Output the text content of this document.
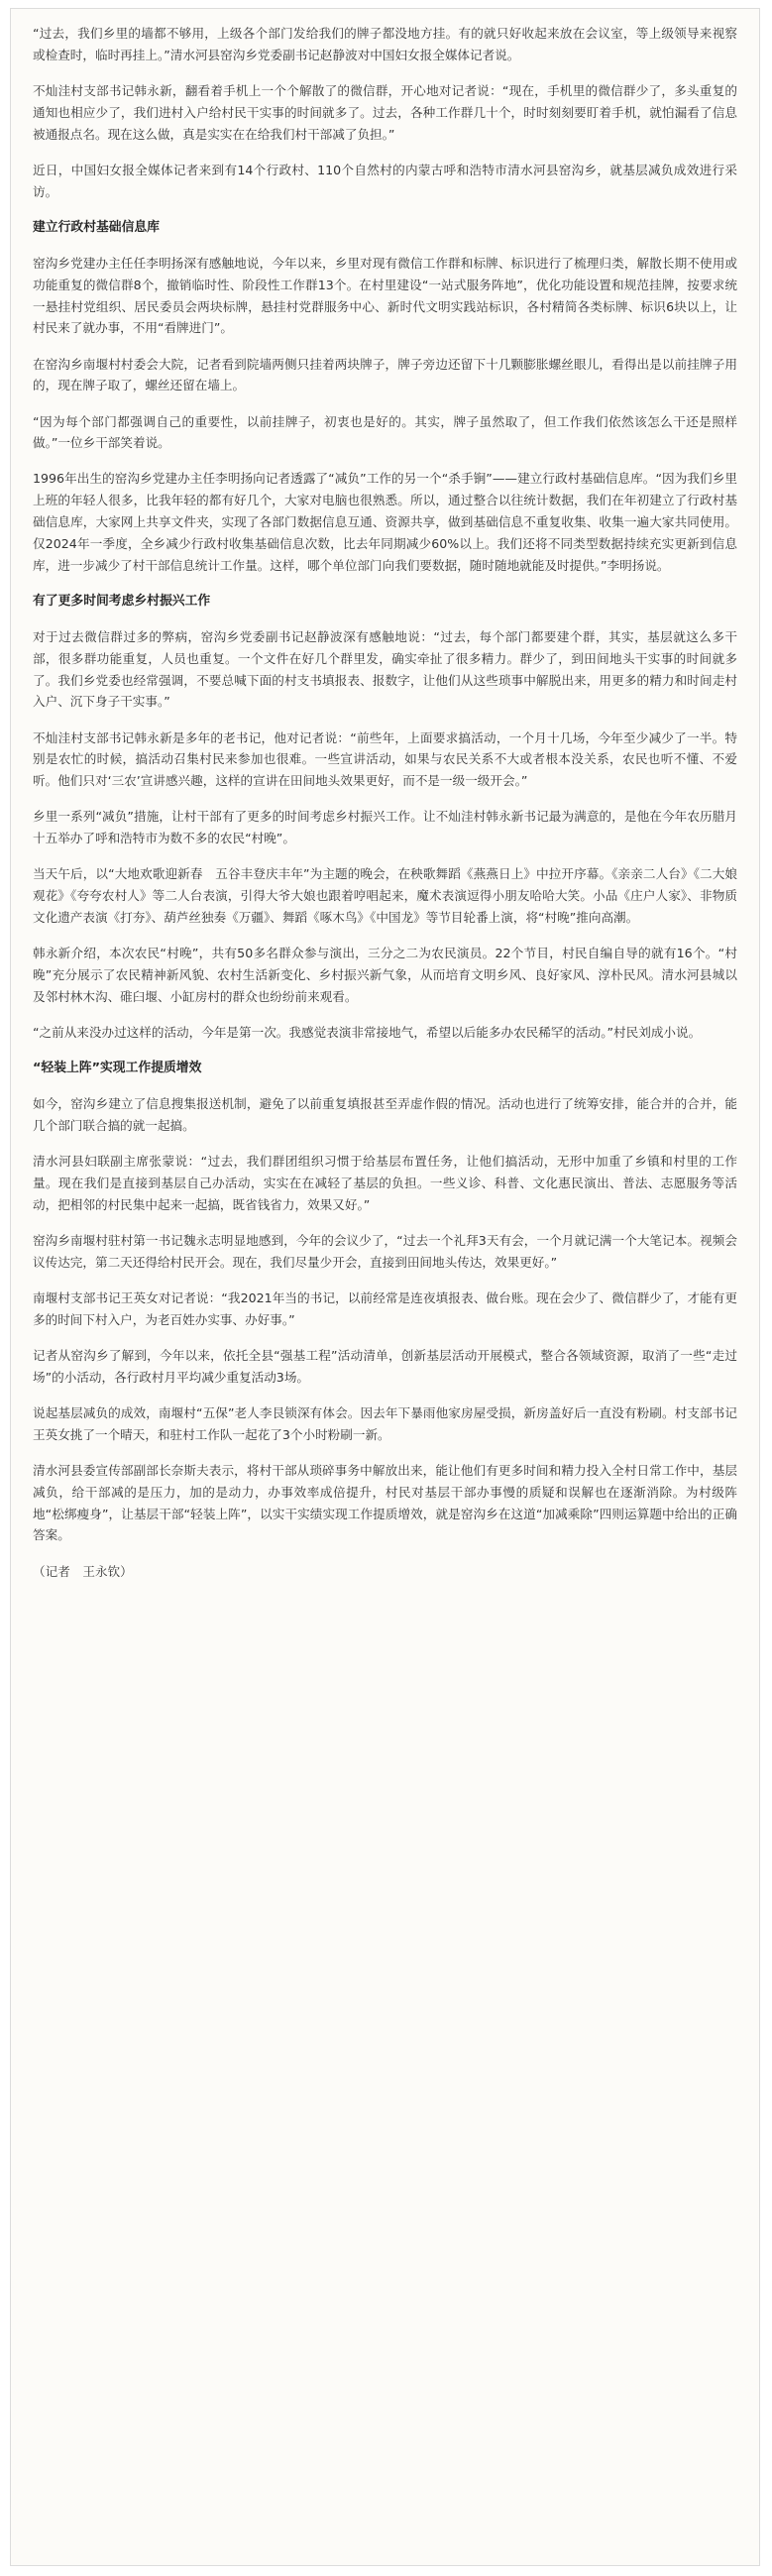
“过去，我们乡里的墙都不够用，上级各个部门发给我们的牌子都没地方挂。有的就只好收起来放在会议室，等上级领导来视察或检查时，临时再挂上。”清水河县窑沟乡党委副书记赵静波对中国妇女报全媒体记者说。

不灿洼村支部书记韩永新，翻看着手机上一个个解散了的微信群，开心地对记者说：“现在，手机里的微信群少了，多头重复的通知也相应少了，我们进村入户给村民干实事的时间就多了。过去，各种工作群几十个，时时刻刻要盯着手机，就怕漏看了信息被通报点名。现在这么做，真是实实在在给我们村干部减了负担。”

近日，中国妇女报全媒体记者来到有14个行政村、110个自然村的内蒙古呼和浩特市清水河县窑沟乡，就基层减负成效进行采访。

建立行政村基础信息库

窑沟乡党建办主任任李明扬深有感触地说，今年以来，乡里对现有微信工作群和标牌、标识进行了梳理归类，解散长期不使用或功能重复的微信群8个，撤销临时性、阶段性工作群13个。在村里建设“一站式服务阵地”，优化功能设置和规范挂牌，按要求统一悬挂村党组织、居民委员会两块标牌，悬挂村党群服务中心、新时代文明实践站标识，各村精简各类标牌、标识6块以上，让村民来了就办事，不用“看牌进门”。

在窑沟乡南堰村村委会大院，记者看到院墙两侧只挂着两块牌子，牌子旁边还留下十几颗膨胀螺丝眼儿，看得出是以前挂牌子用的，现在牌子取了，螺丝还留在墙上。

“因为每个部门都强调自己的重要性，以前挂牌子，初衷也是好的。其实，牌子虽然取了，但工作我们依然该怎么干还是照样做。”一位乡干部笑着说。

1996年出生的窑沟乡党建办主任李明扬向记者透露了“减负”工作的另一个“杀手锏”——建立行政村基础信息库。“因为我们乡里上班的年轻人很多，比我年轻的都有好几个，大家对电脑也很熟悉。所以，通过整合以往统计数据，我们在年初建立了行政村基础信息库，大家网上共享文件夹，实现了各部门数据信息互通、资源共享，做到基础信息不重复收集、收集一遍大家共同使用。仅2024年一季度，全乡减少行政村收集基础信息次数，比去年同期减少60%以上。我们还将不同类型数据持续充实更新到信息库，进一步减少了村干部信息统计工作量。这样，哪个单位部门向我们要数据，随时随地就能及时提供。”李明扬说。

有了更多时间考虑乡村振兴工作

对于过去微信群过多的弊病，窑沟乡党委副书记赵静波深有感触地说：“过去，每个部门都要建个群，其实，基层就这么多干部，很多群功能重复，人员也重复。一个文件在好几个群里发，确实牵扯了很多精力。群少了，到田间地头干实事的时间就多了。我们乡党委也经常强调，不要总喊下面的村支书填报表、报数字，让他们从这些琐事中解脱出来，用更多的精力和时间走村入户、沉下身子干实事。”

不灿洼村支部书记韩永新是多年的老书记，他对记者说：“前些年，上面要求搞活动，一个月十几场，今年至少减少了一半。特别是农忙的时候，搞活动召集村民来参加也很难。一些宣讲活动，如果与农民关系不大或者根本没关系，农民也听不懂、不爱听。他们只对‘三农’宣讲感兴趣，这样的宣讲在田间地头效果更好，而不是一级一级开会。”

乡里一系列“减负”措施，让村干部有了更多的时间考虑乡村振兴工作。让不灿洼村韩永新书记最为满意的，是他在今年农历腊月十五举办了呼和浩特市为数不多的农民“村晚”。

当天午后，以“大地欢歌迎新春　五谷丰登庆丰年”为主题的晚会，在秧歌舞蹈《燕燕日上》中拉开序幕。《亲亲二人台》《二大娘观花》《夸夸农村人》等二人台表演，引得大爷大娘也跟着哼唱起来，魔术表演逗得小朋友哈哈大笑。小品《庄户人家》、非物质文化遗产表演《打夯》、葫芦丝独奏《万疆》、舞蹈《啄木鸟》《中国龙》等节目轮番上演，将“村晚”推向高潮。

韩永新介绍，本次农民“村晚”，共有50多名群众参与演出，三分之二为农民演员。22个节目，村民自编自导的就有16个。“村晚”充分展示了农民精神新风貌、农村生活新变化、乡村振兴新气象，从而培育文明乡风、良好家风、淳朴民风。清水河县城以及邻村林木沟、碓臼堰、小缸房村的群众也纷纷前来观看。

“之前从来没办过这样的活动，今年是第一次。我感觉表演非常接地气，希望以后能多办农民稀罕的活动。”村民刘成小说。

“轻装上阵”实现工作提质增效

如今，窑沟乡建立了信息搜集报送机制，避免了以前重复填报甚至弄虚作假的情况。活动也进行了统筹安排，能合并的合并，能几个部门联合搞的就一起搞。

清水河县妇联副主席张蒙说：“过去，我们群团组织习惯于给基层布置任务，让他们搞活动，无形中加重了乡镇和村里的工作量。现在我们是直接到基层自己办活动，实实在在减轻了基层的负担。一些义诊、科普、文化惠民演出、普法、志愿服务等活动，把相邻的村民集中起来一起搞，既省钱省力，效果又好。”

窑沟乡南堰村驻村第一书记魏永志明显地感到，今年的会议少了，“过去一个礼拜3天有会，一个月就记满一个大笔记本。视频会议传达完，第二天还得给村民开会。现在，我们尽量少开会，直接到田间地头传达，效果更好。”

南堰村支部书记王英女对记者说：“我2021年当的书记，以前经常是连夜填报表、做台账。现在会少了、微信群少了，才能有更多的时间下村入户，为老百姓办实事、办好事。”

记者从窑沟乡了解到，今年以来，依托全县“强基工程”活动清单，创新基层活动开展模式，整合各领域资源，取消了一些“走过场”的小活动，各行政村月平均减少重复活动3场。

说起基层减负的成效，南堰村“五保”老人李艮锁深有体会。因去年下暴雨他家房屋受损，新房盖好后一直没有粉刷。村支部书记王英女挑了一个晴天，和驻村工作队一起花了3个小时粉刷一新。

清水河县委宣传部副部长奈斯夫表示，将村干部从琐碎事务中解放出来，能让他们有更多时间和精力投入全村日常工作中，基层减负，给干部减的是压力，加的是动力，办事效率成倍提升，村民对基层干部办事慢的质疑和误解也在逐渐消除。为村级阵地“松绑瘦身”，让基层干部“轻装上阵”，以实干实绩实现工作提质增效，就是窑沟乡在这道“加减乘除”四则运算题中给出的正确答案。

（记者　王永钦）
